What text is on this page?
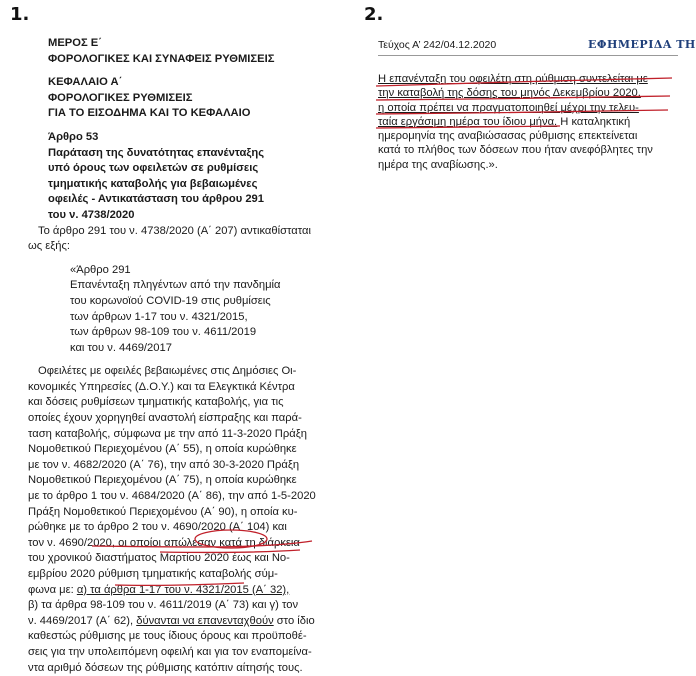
1.	2.
ΜΕΡΟΣ Ε΄
ΦΟΡΟΛΟΓΙΚΕΣ ΚΑΙ ΣΥΝΑΦΕΙΣ ΡΥΘΜΙΣΕΙΣ
ΚΕΦΑΛΑΙΟ Α΄
ΦΟΡΟΛΟΓΙΚΕΣ ΡΥΘΜΙΣΕΙΣ
ΓΙΑ ΤΟ ΕΙΣΟΔΗΜΑ ΚΑΙ ΤΟ ΚΕΦΑΛΑΙΟ
Άρθρο 53
Παράταση της δυνατότητας επανένταξης
υπό όρους των οφειλετών σε ρυθμίσεις
τμηματικής καταβολής για βεβαιωμένες
οφειλές - Αντικατάσταση του άρθρου 291
του ν. 4738/2020
Το άρθρο 291 του ν. 4738/2020 (Α΄ 207) αντικαθίσταται
ως εξής:
«Άρθρο 291
Επανένταξη πληγέντων από την πανδημία
του κορωνοϊού COVID-19 στις ρυθμίσεις
των άρθρων 1-17 του ν. 4321/2015,
των άρθρων 98-109 του ν. 4611/2019
και του ν. 4469/2017
Οφειλέτες με οφειλές βεβαιωμένες στις Δημόσιες Οι-
κονομικές Υπηρεσίες (Δ.Ο.Υ.) και τα Ελεγκτικά Κέντρα
και δόσεις ρυθμίσεων τμηματικής καταβολής, για τις
οποίες έχουν χορηγηθεί αναστολή είσπραξης και παρά-
ταση καταβολής, σύμφωνα με την από 11-3-2020 Πράξη
Νομοθετικού Περιεχομένου (Α΄ 55), η οποία κυρώθηκε
με τον ν. 4682/2020 (Α΄ 76), την από 30-3-2020 Πράξη
Νομοθετικού Περιεχομένου (Α΄ 75), η οποία κυρώθηκε
με το άρθρο 1 του ν. 4684/2020 (Α΄ 86), την από 1-5-2020
Πράξη Νομοθετικού Περιεχομένου (Α΄ 90), η οποία κυ-
ρώθηκε με το άρθρο 2 του ν. 4690/2020 (Α΄ 104) και
τον ν. 4690/2020, οι οποίοι απώλεσαν κατά τη διάρκεια
του χρονικού διαστήματος Μαρτίου 2020 έως και Νο-
εμβρίου 2020 ρύθμιση τμηματικής καταβολής σύμ-
φωνα με: α) τα άρθρα 1-17 του ν. 4321/2015 (Α΄ 32),
β) τα άρθρα 98-109 του ν. 4611/2019 (Α΄ 73) και γ) τον
ν. 4469/2017 (Α΄ 62), δύνανται να επανενταχθούν στο ίδιο
καθεστώς ρύθμισης με τους ίδιους όρους και προϋποθέ-
σεις για την υπολειπόμενη οφειλή και για τον εναπομείνα-
ντα αριθμό δόσεων της ρύθμισης κατόπιν αίτησής τους.
Τεύχος Α’ 242/04.12.2020	ΕΦΗΜΕΡΙΔΑ ΤΗ
Η επανένταξη του οφειλέτη στη ρύθμιση συντελείται με
την καταβολή της δόσης του μηνός Δεκεμβρίου 2020,
η οποία πρέπει να πραγματοποιηθεί μέχρι την τελευ-
ταία εργάσιμη ημέρα του ίδιου μήνα. Η καταληκτική
ημερομηνία της αναβιώσασας ρύθμισης επεκτείνεται
κατά το πλήθος των δόσεων που ήταν ανεφόβλητες την
ημέρα της αναβίωσης.».
